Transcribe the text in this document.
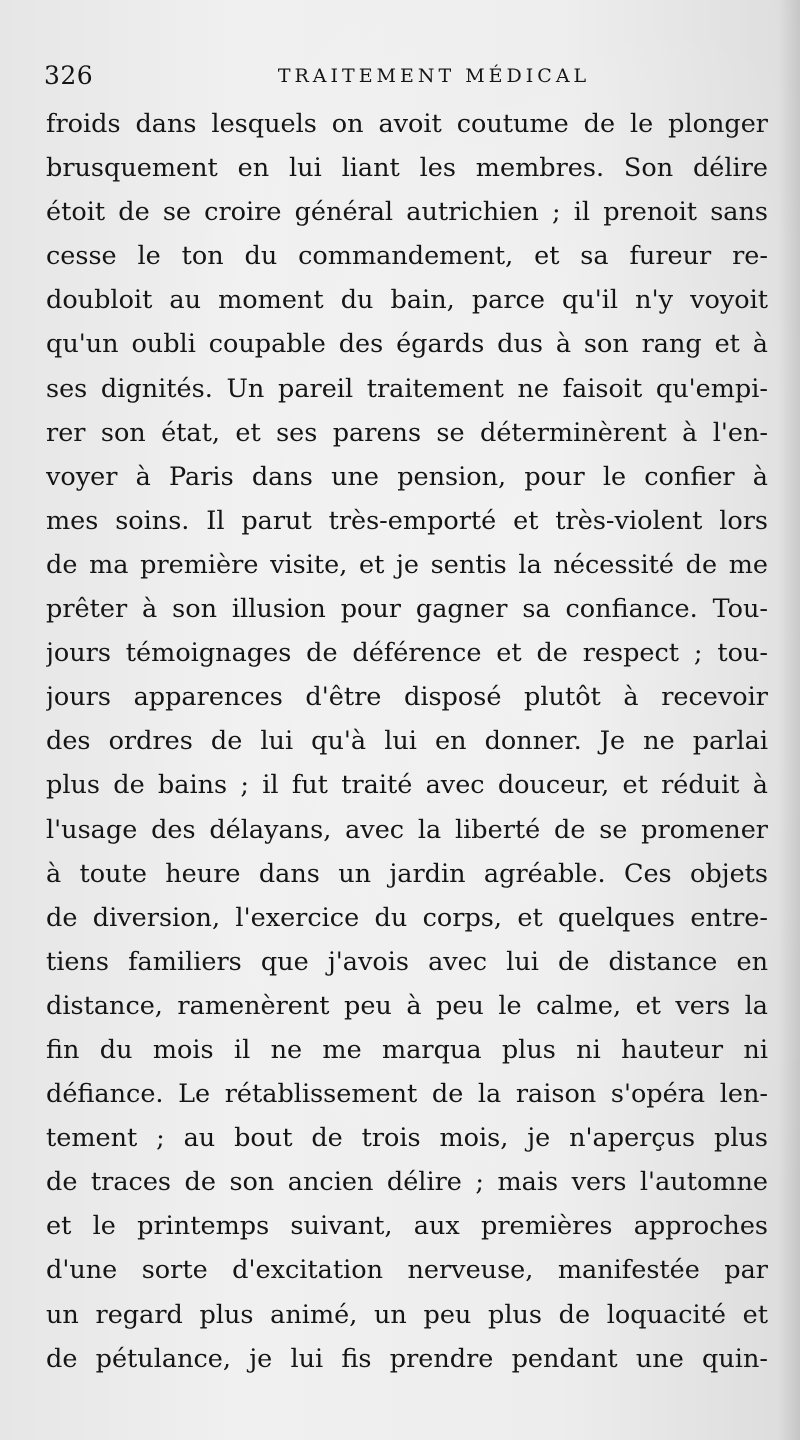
326	TRAITEMENT MÉDICAL
froids dans lesquels on avoit coutume de le plonger
brusquement en lui liant les membres. Son délire
étoit de se croire général autrichien ; il prenoit sans
cesse le ton du commandement, et sa fureur re-
doubloit au moment du bain, parce qu'il n'y voyoit
qu'un oubli coupable des égards dus à son rang et à
ses dignités. Un pareil traitement ne faisoit qu'empi-
rer son état, et ses parens se déterminèrent à l'en-
voyer à Paris dans une pension, pour le confier à
mes soins. Il parut très-emporté et très-violent lors
de ma première visite, et je sentis la nécessité de me
prêter à son illusion pour gagner sa confiance. Tou-
jours témoignages de déférence et de respect ; tou-
jours apparences d'être disposé plutôt à recevoir
des ordres de lui qu'à lui en donner. Je ne parlai
plus de bains ; il fut traité avec douceur, et réduit à
l'usage des délayans, avec la liberté de se promener
à toute heure dans un jardin agréable. Ces objets
de diversion, l'exercice du corps, et quelques entre-
tiens familiers que j'avois avec lui de distance en
distance, ramenèrent peu à peu le calme, et vers la
fin du mois il ne me marqua plus ni hauteur ni
défiance. Le rétablissement de la raison s'opéra len-
tement ; au bout de trois mois, je n'aperçus plus
de traces de son ancien délire ; mais vers l'automne
et le printemps suivant, aux premières approches
d'une sorte d'excitation nerveuse, manifestée par
un regard plus animé, un peu plus de loquacité et
de pétulance, je lui fis prendre pendant une quin-
